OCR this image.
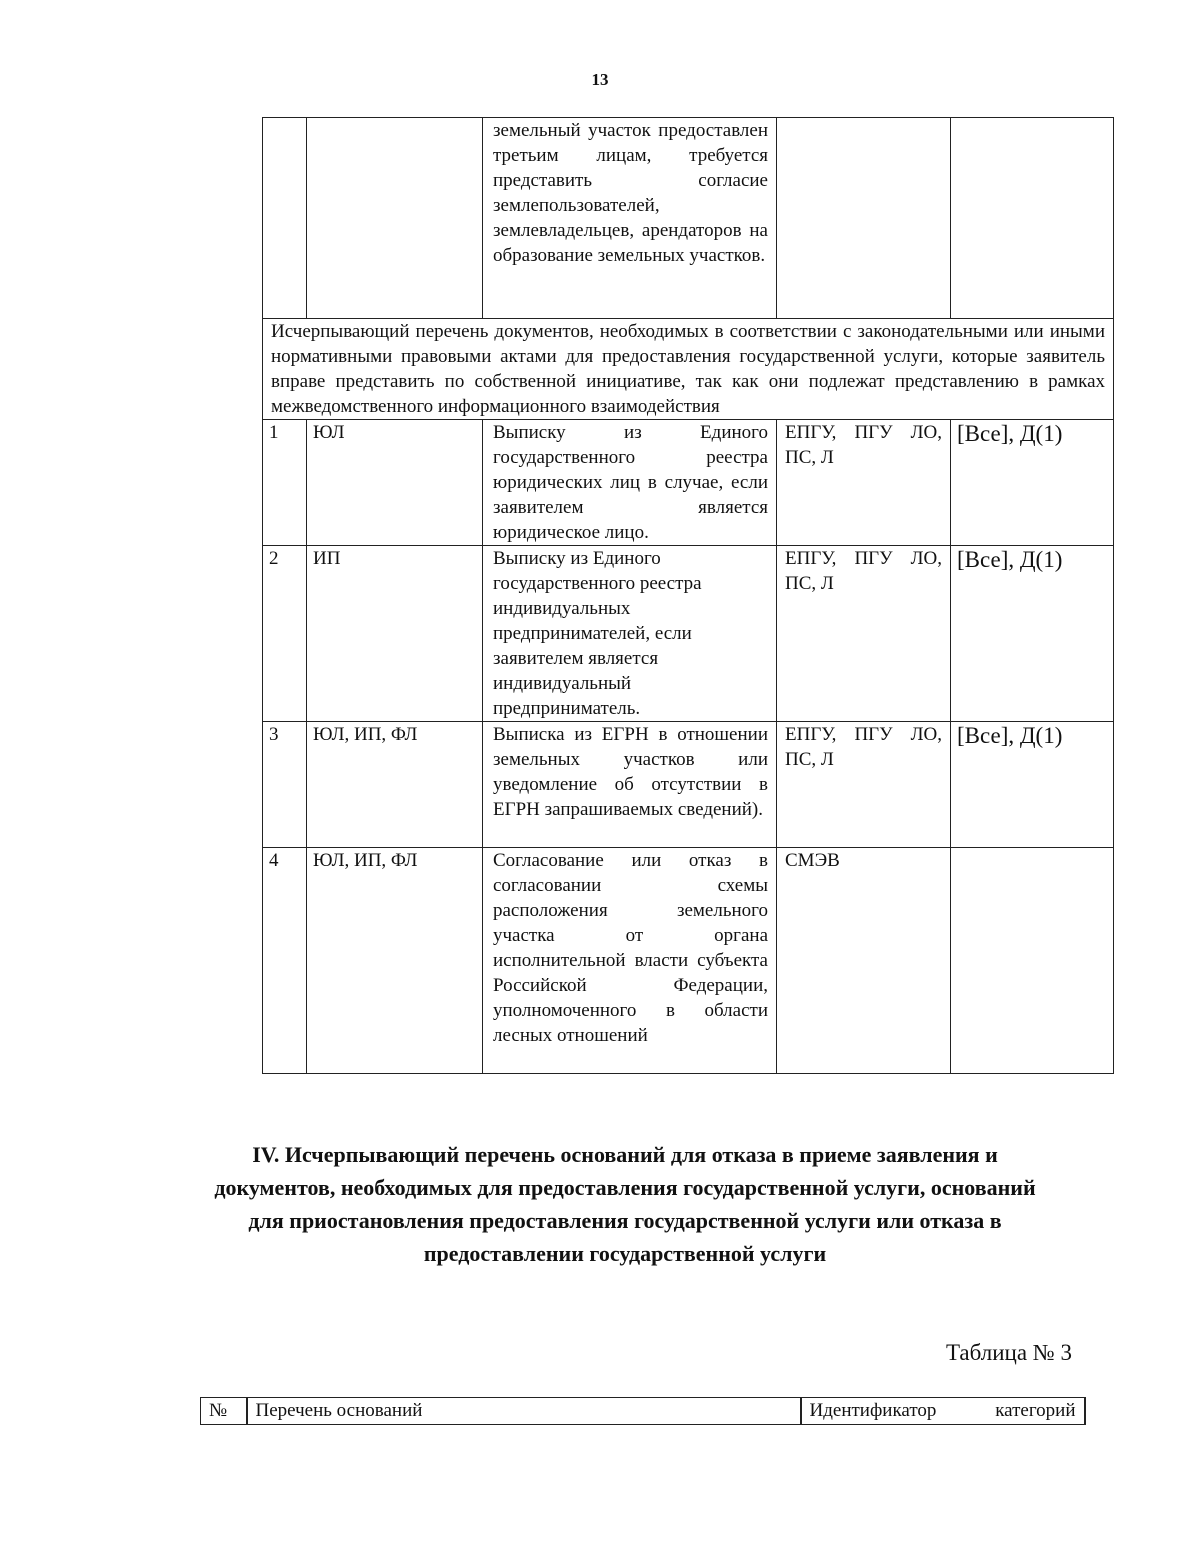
13
		земельный участок предоставлен третьим лицам, требуется представить согласие землепользователей, землевладельцев, арендаторов на образование земельных участков.		
Исчерпывающий перечень документов, необходимых в соответствии с законодательными или иными нормативными правовыми актами для предоставления государственной услуги, которые заявитель вправе представить по собственной инициативе, так как они подлежат представлению в рамках межведомственного информационного взаимодействия				
1	ЮЛ	Выписку из Единого государственного реестра юридических лиц в случае, если заявителем является юридическое лицо.	ЕПГУ, ПГУ ЛО, ПС, Л	[Все], Д(1)
2	ИП	Выписку из Единого государственного реестра индивидуальных предпринимателей, если заявителем является индивидуальный предприниматель.	ЕПГУ, ПГУ ЛО, ПС, Л	[Все], Д(1)
3	ЮЛ, ИП, ФЛ	Выписка из ЕГРН в отношении земельных участков или уведомление об отсутствии в ЕГРН запрашиваемых сведений).	ЕПГУ, ПГУ ЛО, ПС, Л	[Все], Д(1)
4	ЮЛ, ИП, ФЛ	Согласование или отказ в согласовании схемы расположения земельного участка от органа исполнительной власти субъекта Российской Федерации, уполномоченного в области лесных отношений	СМЭВ	
IV. Исчерпывающий перечень оснований для отказа в приеме заявления и документов, необходимых для предоставления государственной услуги, оснований для приостановления предоставления государственной услуги или отказа в предоставлении государственной услуги
Таблица № 3
№	Перечень оснований	Идентификатор категорий
